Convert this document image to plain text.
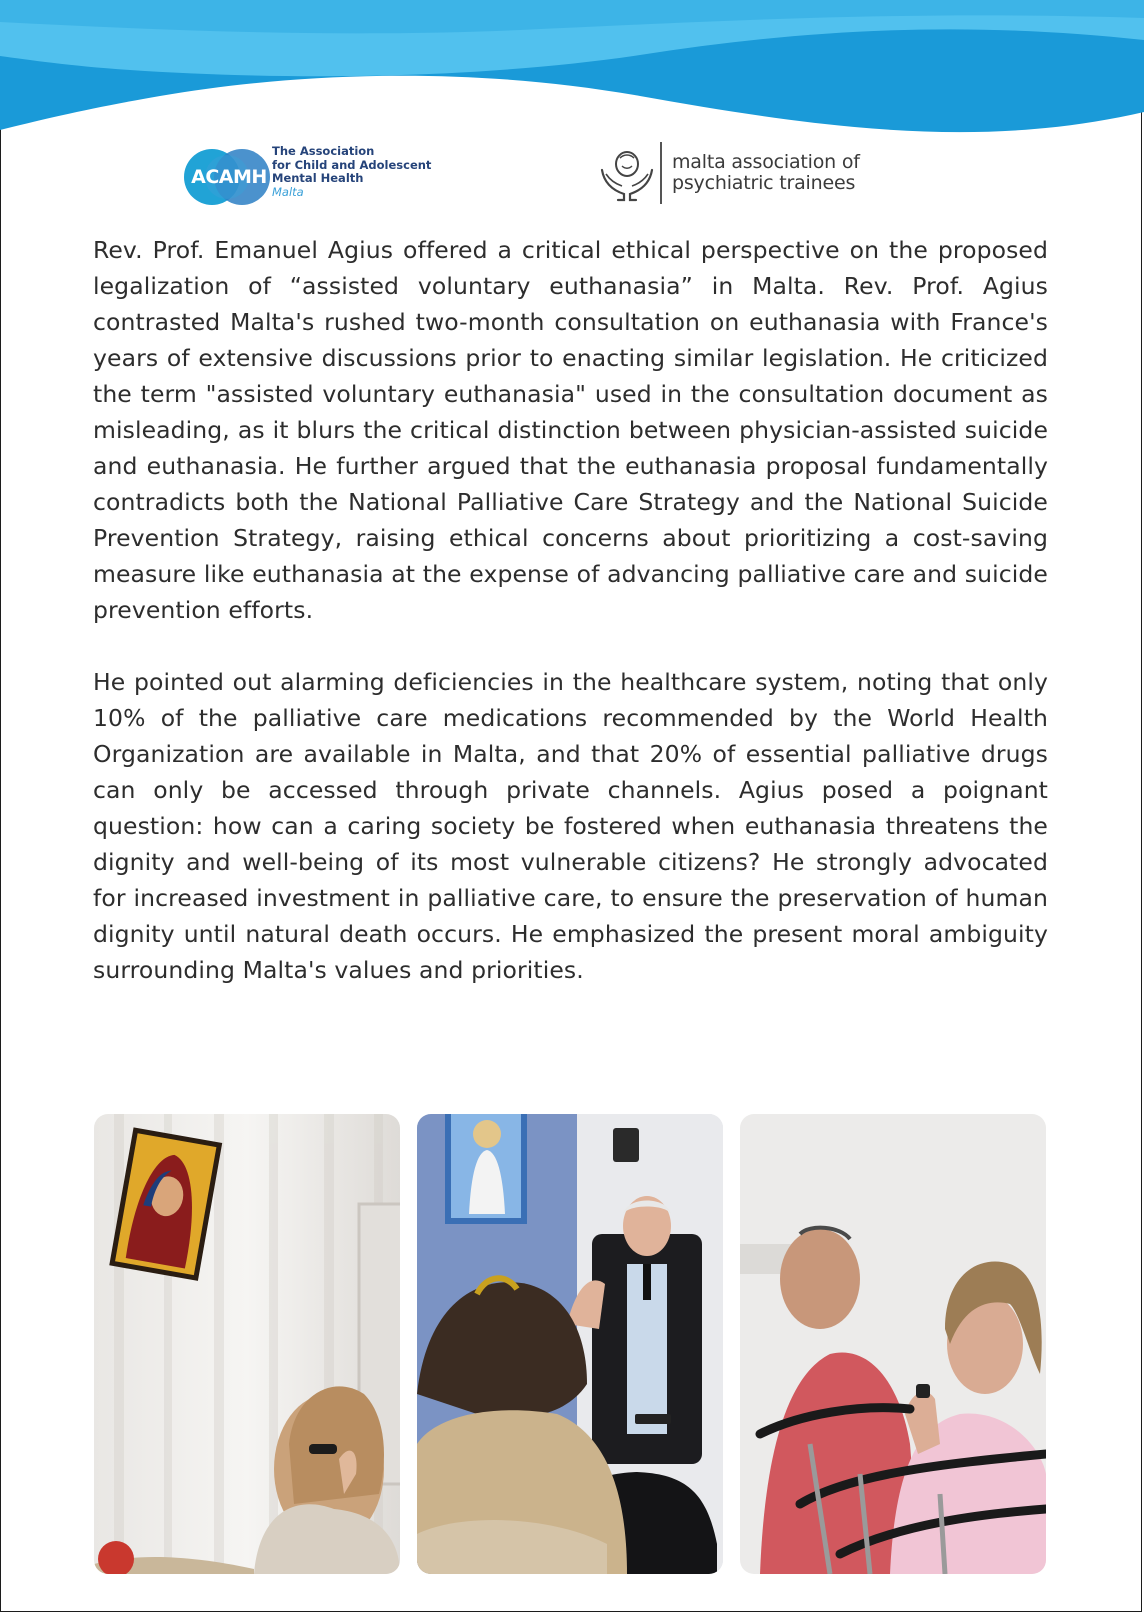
ACAMH
The Association
for Child and Adolescent
Mental Health
Malta
malta association of
psychiatric trainees

Rev. Prof. Emanuel Agius offered a critical ethical perspective on the proposed legalization of “assisted voluntary euthanasia” in Malta. Rev. Prof. Agius contrasted Malta's rushed two-month consultation on euthanasia with France's years of extensive discussions prior to enacting similar legislation. He criticized the term "assisted voluntary euthanasia" used in the consultation document as misleading, as it blurs the critical distinction between physician-assisted suicide and euthanasia. He further argued that the euthanasia proposal fundamentally contradicts both the National Palliative Care Strategy and the National Suicide Prevention Strategy, raising ethical concerns about prioritizing a cost-saving measure like euthanasia at the expense of advancing palliative care and suicide prevention efforts.

He pointed out alarming deficiencies in the healthcare system, noting that only 10% of the palliative care medications recommended by the World Health Organization are available in Malta, and that 20% of essential palliative drugs can only be accessed through private channels. Agius posed a poignant question: how can a caring society be fostered when euthanasia threatens the dignity and well-being of its most vulnerable citizens? He strongly advocated for increased investment in palliative care, to ensure the preservation of human dignity until natural death occurs. He emphasized the present moral ambiguity surrounding Malta's values and priorities.
